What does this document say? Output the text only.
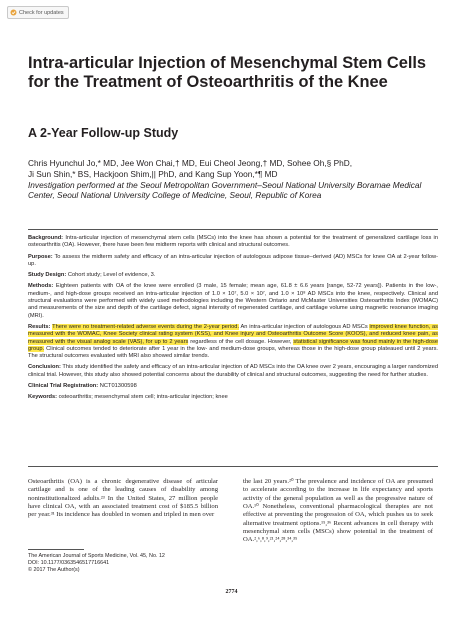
Check for updates
Intra-articular Injection of Mesenchymal Stem Cells for the Treatment of Osteoarthritis of the Knee
A 2-Year Follow-up Study
Chris Hyunchul Jo,* MD, Jee Won Chai,† MD, Eui Cheol Jeong,† MD, Sohee Oh,§ PhD,
Ji Sun Shin,* BS, Hackjoon Shim,|| PhD, and Kang Sup Yoon,*¶ MD
Investigation performed at the Seoul Metropolitan Government–Seoul National University Boramae Medical Center, Seoul National University College of Medicine, Seoul, Republic of Korea

Background: Intra-articular injection of mesenchymal stem cells (MSCs) into the knee has shown a potential for the treatment of generalized cartilage loss in osteoarthritis (OA). However, there have been few midterm reports with clinical and structural outcomes.

Purpose: To assess the midterm safety and efficacy of an intra-articular injection of autologous adipose tissue–derived (AD) MSCs for knee OA at 2-year follow-up.

Study Design: Cohort study; Level of evidence, 3.

Methods: Eighteen patients with OA of the knee were enrolled (3 male, 15 female; mean age, 61.8 ± 6.6 years [range, 52-72 years]). Patients in the low-, medium-, and high-dose groups received an intra-articular injection of 1.0 × 10⁷, 5.0 × 10⁷, and 1.0 × 10⁸ AD MSCs into the knee, respectively. Clinical and structural evaluations were performed with widely used methodologies including the Western Ontario and McMaster Universities Osteoarthritis Index (WOMAC) and measurements of the size and depth of the cartilage defect, signal intensity of regenerated cartilage, and cartilage volume using magnetic resonance imaging (MRI).

Results: There were no treatment-related adverse events during the 2-year period. An intra-articular injection of autologous AD MSCs improved knee function, as measured with the WOMAC, Knee Society clinical rating system (KSS), and Knee injury and Osteoarthritis Outcome Score (KOOS), and reduced knee pain, as measured with the visual analog scale (VAS), for up to 2 years regardless of the cell dosage. However, statistical significance was found mainly in the high-dose group. Clinical outcomes tended to deteriorate after 1 year in the low- and medium-dose groups, whereas those in the high-dose group plateaued until 2 years. The structural outcomes evaluated with MRI also showed similar trends.

Conclusion: This study identified the safety and efficacy of an intra-articular injection of AD MSCs into the OA knee over 2 years, encouraging a larger randomized clinical trial. However, this study also showed potential concerns about the durability of clinical and structural outcomes, suggesting the need for further studies.

Clinical Trial Registration: NCT01300598

Keywords: osteoarthritis; mesenchymal stem cell; intra-articular injection; knee

Osteoarthritis (OA) is a chronic degenerative disease of articular cartilage and is one of the leading causes of disability among noninstitutionalized adults.²³ In the United States, 27 million people have clinical OA, with an associated treatment cost of $185.5 billion per year.³¹ Its incidence has doubled in women and tripled in men over

the last 20 years.²⁰ The prevalence and incidence of OA are presumed to accelerate according to the increase in life expectancy and sports activity of the general population as well as the progressive nature of OA.¹⁰ Nonetheless, conventional pharmacological therapies are not effective at preventing the progression of OA, which pushes us to seek alternative treatment options.¹⁵,³⁶ Recent advances in cell therapy with mesenchymal stem cells (MSCs) show potential in the treatment of OA.²,⁶,⁸,⁹,²¹,²⁴,²⁸,³⁴,³⁵

The American Journal of Sports Medicine, Vol. 45, No. 12
DOI: 10.1177/0363546517716641
© 2017 The Author(s)
2774
